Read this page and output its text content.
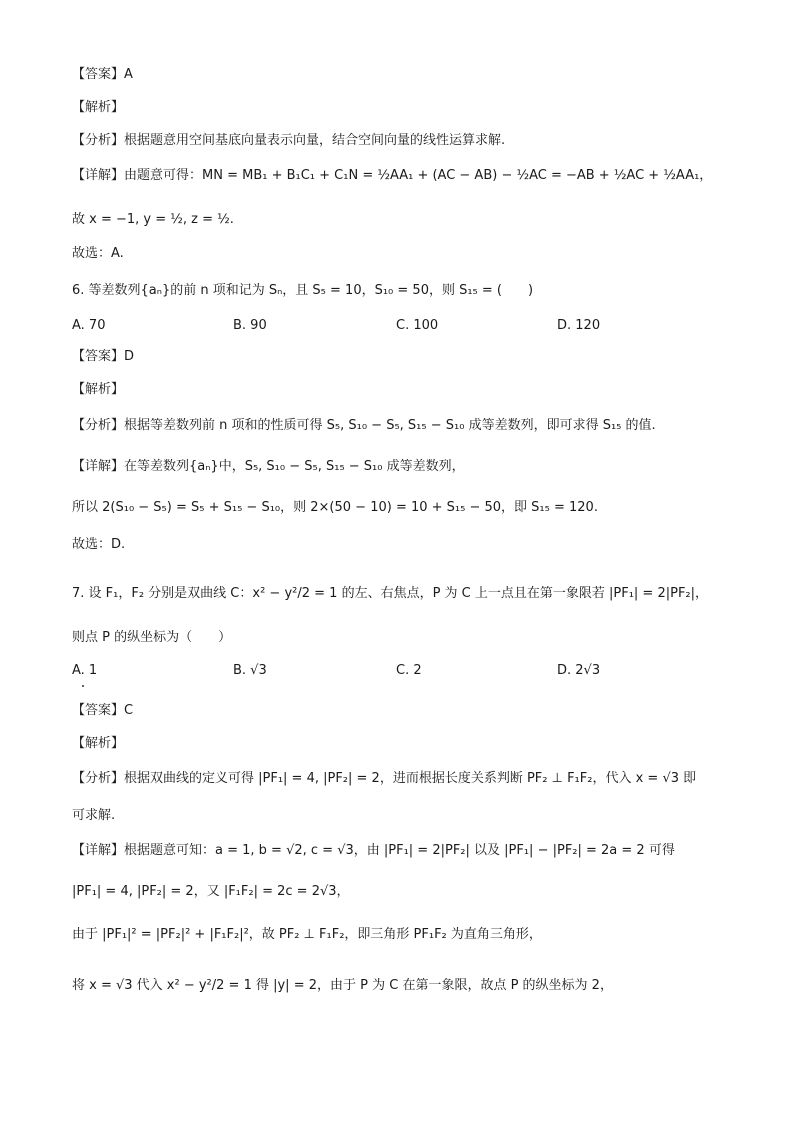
【答案】A
【解析】
【分析】根据题意用空间基底向量表示向量，结合空间向量的线性运算求解.
【详解】由题意可得：MN = MB₁ + B₁C₁ + C₁N = ½AA₁ + (AC − AB) − ½AC = −AB + ½AC + ½AA₁，
故 x = −1, y = ½, z = ½.
故选：A.
6. 等差数列{aₙ}的前 n 项和记为 Sₙ，且 S₅ = 10，S₁₀ = 50，则 S₁₅ = (　　)
A. 70	B. 90	C. 100	D. 120
【答案】D
【解析】
【分析】根据等差数列前 n 项和的性质可得 S₅, S₁₀ − S₅, S₁₅ − S₁₀ 成等差数列，即可求得 S₁₅ 的值.
【详解】在等差数列{aₙ}中，S₅, S₁₀ − S₅, S₁₅ − S₁₀ 成等差数列，
所以 2(S₁₀ − S₅) = S₅ + S₁₅ − S₁₀，则 2×(50 − 10) = 10 + S₁₅ − 50，即 S₁₅ = 120.
故选：D.
7. 设 F₁，F₂ 分别是双曲线 C：x² − y²/2 = 1 的左、右焦点，P 为 C 上一点且在第一象限若 |PF₁| = 2|PF₂|，
则点 P 的纵坐标为（　　）
A. 1	B. √3	C. 2	D. 2√3
【答案】C
【解析】
【分析】根据双曲线的定义可得 |PF₁| = 4, |PF₂| = 2，进而根据长度关系判断 PF₂ ⊥ F₁F₂，代入 x = √3 即
可求解.
【详解】根据题意可知：a = 1, b = √2, c = √3，由 |PF₁| = 2|PF₂| 以及 |PF₁| − |PF₂| = 2a = 2 可得
|PF₁| = 4, |PF₂| = 2，又 |F₁F₂| = 2c = 2√3，
由于 |PF₁|² = |PF₂|² + |F₁F₂|²，故 PF₂ ⊥ F₁F₂，即三角形 PF₁F₂ 为直角三角形，
将 x = √3 代入 x² − y²/2 = 1 得 |y| = 2，由于 P 为 C 在第一象限，故点 P 的纵坐标为 2，
